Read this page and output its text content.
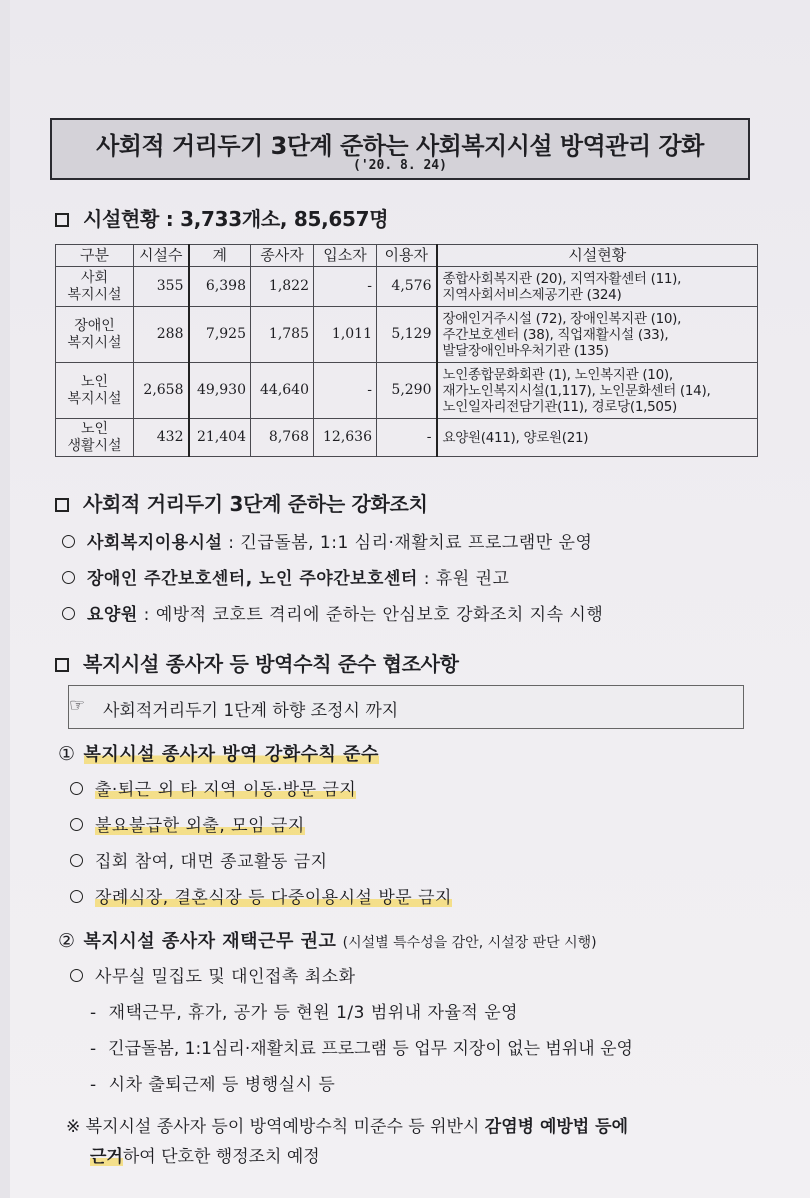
사회적 거리두기 3단계 준하는 사회복지시설 방역관리 강화
('20. 8. 24)
시설현황 : 3,733개소, 85,657명
구분	시설수	계	종사자	입소자	이용자	시설현황
사회
복지시설	355	6,398	1,822	-	4,576	종합사회복지관 (20), 지역자활센터 (11),
지역사회서비스제공기관 (324)
장애인
복지시설	288	7,925	1,785	1,011	5,129	장애인거주시설 (72), 장애인복지관 (10),
주간보호센터 (38), 직업재활시설 (33),
발달장애인바우처기관 (135)
노인
복지시설	2,658	49,930	44,640	-	5,290	노인종합문화회관 (1), 노인복지관 (10),
재가노인복지시설(1,117), 노인문화센터 (14),
노인일자리전담기관(11), 경로당(1,505)
노인
생활시설	432	21,404	8,768	12,636	-	요양원(411), 양로원(21)
사회적 거리두기 3단계 준하는 강화조치
사회복지이용시설 : 긴급돌봄, 1:1 심리·재활치료 프로그램만 운영
장애인 주간보호센터, 노인 주야간보호센터 : 휴원 권고
요양원 : 예방적 코호트 격리에 준하는 안심보호 강화조치 지속 시행
복지시설 종사자 등 방역수칙 준수 협조사항
☞ 사회적거리두기 1단계 하향 조정시 까지
① 복지시설 종사자 방역 강화수칙 준수
출·퇴근 외 타 지역 이동·방문 금지
불요불급한 외출, 모임 금지
집회 참여, 대면 종교활동 금지
장례식장, 결혼식장 등 다중이용시설 방문 금지
② 복지시설 종사자 재택근무 권고 (시설별 특수성을 감안, 시설장 판단 시행)
사무실 밀집도 및 대인접촉 최소화
- 재택근무, 휴가, 공가 등 현원 1/3 범위내 자율적 운영
- 긴급돌봄, 1:1심리·재활치료 프로그램 등 업무 지장이 없는 범위내 운영
- 시차 출퇴근제 등 병행실시 등
※ 복지시설 종사자 등이 방역예방수칙 미준수 등 위반시 감염병 예방법 등에
근거하여 단호한 행정조치 예정
